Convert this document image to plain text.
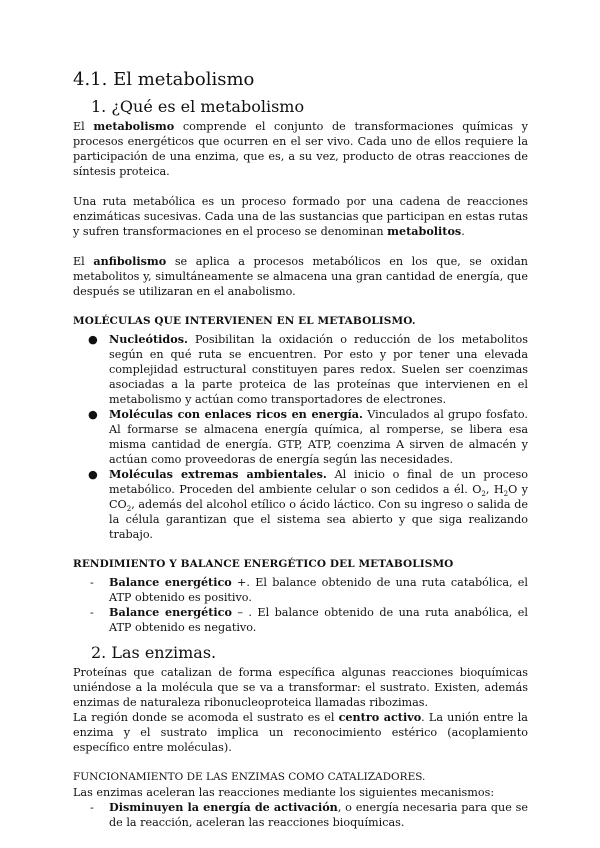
4.1. El metabolismo
1. ¿Qué es el metabolismo

El metabolismo comprende el conjunto de transformaciones químicas y procesos energéticos que ocurren en el ser vivo. Cada uno de ellos requiere la participación de una enzima, que es, a su vez, producto de otras reacciones de síntesis proteica.

Una ruta metabólica es un proceso formado por una cadena de reacciones enzimáticas sucesivas. Cada una de las sustancias que participan en estas rutas y sufren transformaciones en el proceso se denominan metabolitos.

El anfibolismo se aplica a procesos metabólicos en los que, se oxidan metabolitos y, simultáneamente se almacena una gran cantidad de energía, que después se utilizaran en el anabolismo.

MOLÉCULAS QUE INTERVIENEN EN EL METABOLISMO.

● Nucleótidos. Posibilitan la oxidación o reducción de los metabolitos según en qué ruta se encuentren. Por esto y por tener una elevada complejidad estructural constituyen pares redox. Suelen ser coenzimas asociadas a la parte proteica de las proteínas que intervienen en el metabolismo y actúan como transportadores de electrones.
● Moléculas con enlaces ricos en energía. Vinculados al grupo fosfato. Al formarse se almacena energía química, al romperse, se libera esa misma cantidad de energía. GTP, ATP, coenzima A sirven de almacén y actúan como proveedoras de energía según las necesidades.
● Moléculas extremas ambientales. Al inicio o final de un proceso metabólico. Proceden del ambiente celular o son cedidos a él. $O_2$, $H_2O$ y $CO_2$, además del alcohol etílico o ácido láctico. Con su ingreso o salida de la célula garantizan que el sistema sea abierto y que siga realizando trabajo.

RENDIMIENTO Y BALANCE ENERGÉTICO DEL METABOLISMO

- Balance energético +. El balance obtenido de una ruta catabólica, el ATP obtenido es positivo.
- Balance energético – . El balance obtenido de una ruta anabólica, el ATP obtenido es negativo.
2. Las enzimas.

Proteínas que catalizan de forma específica algunas reacciones bioquímicas uniéndose a la molécula que se va a transformar: el sustrato. Existen, además enzimas de naturaleza ribonucleoproteica llamadas ribozimas.

La región donde se acomoda el sustrato es el centro activo. La unión entre la enzima y el sustrato implica un reconocimiento estérico (acoplamiento específico entre moléculas).

FUNCIONAMIENTO DE LAS ENZIMAS COMO CATALIZADORES.

Las enzimas aceleran las reacciones mediante los siguientes mecanismos:

- Disminuyen la energía de activación, o energía necesaria para que se de la reacción, aceleran las reacciones bioquímicas.
